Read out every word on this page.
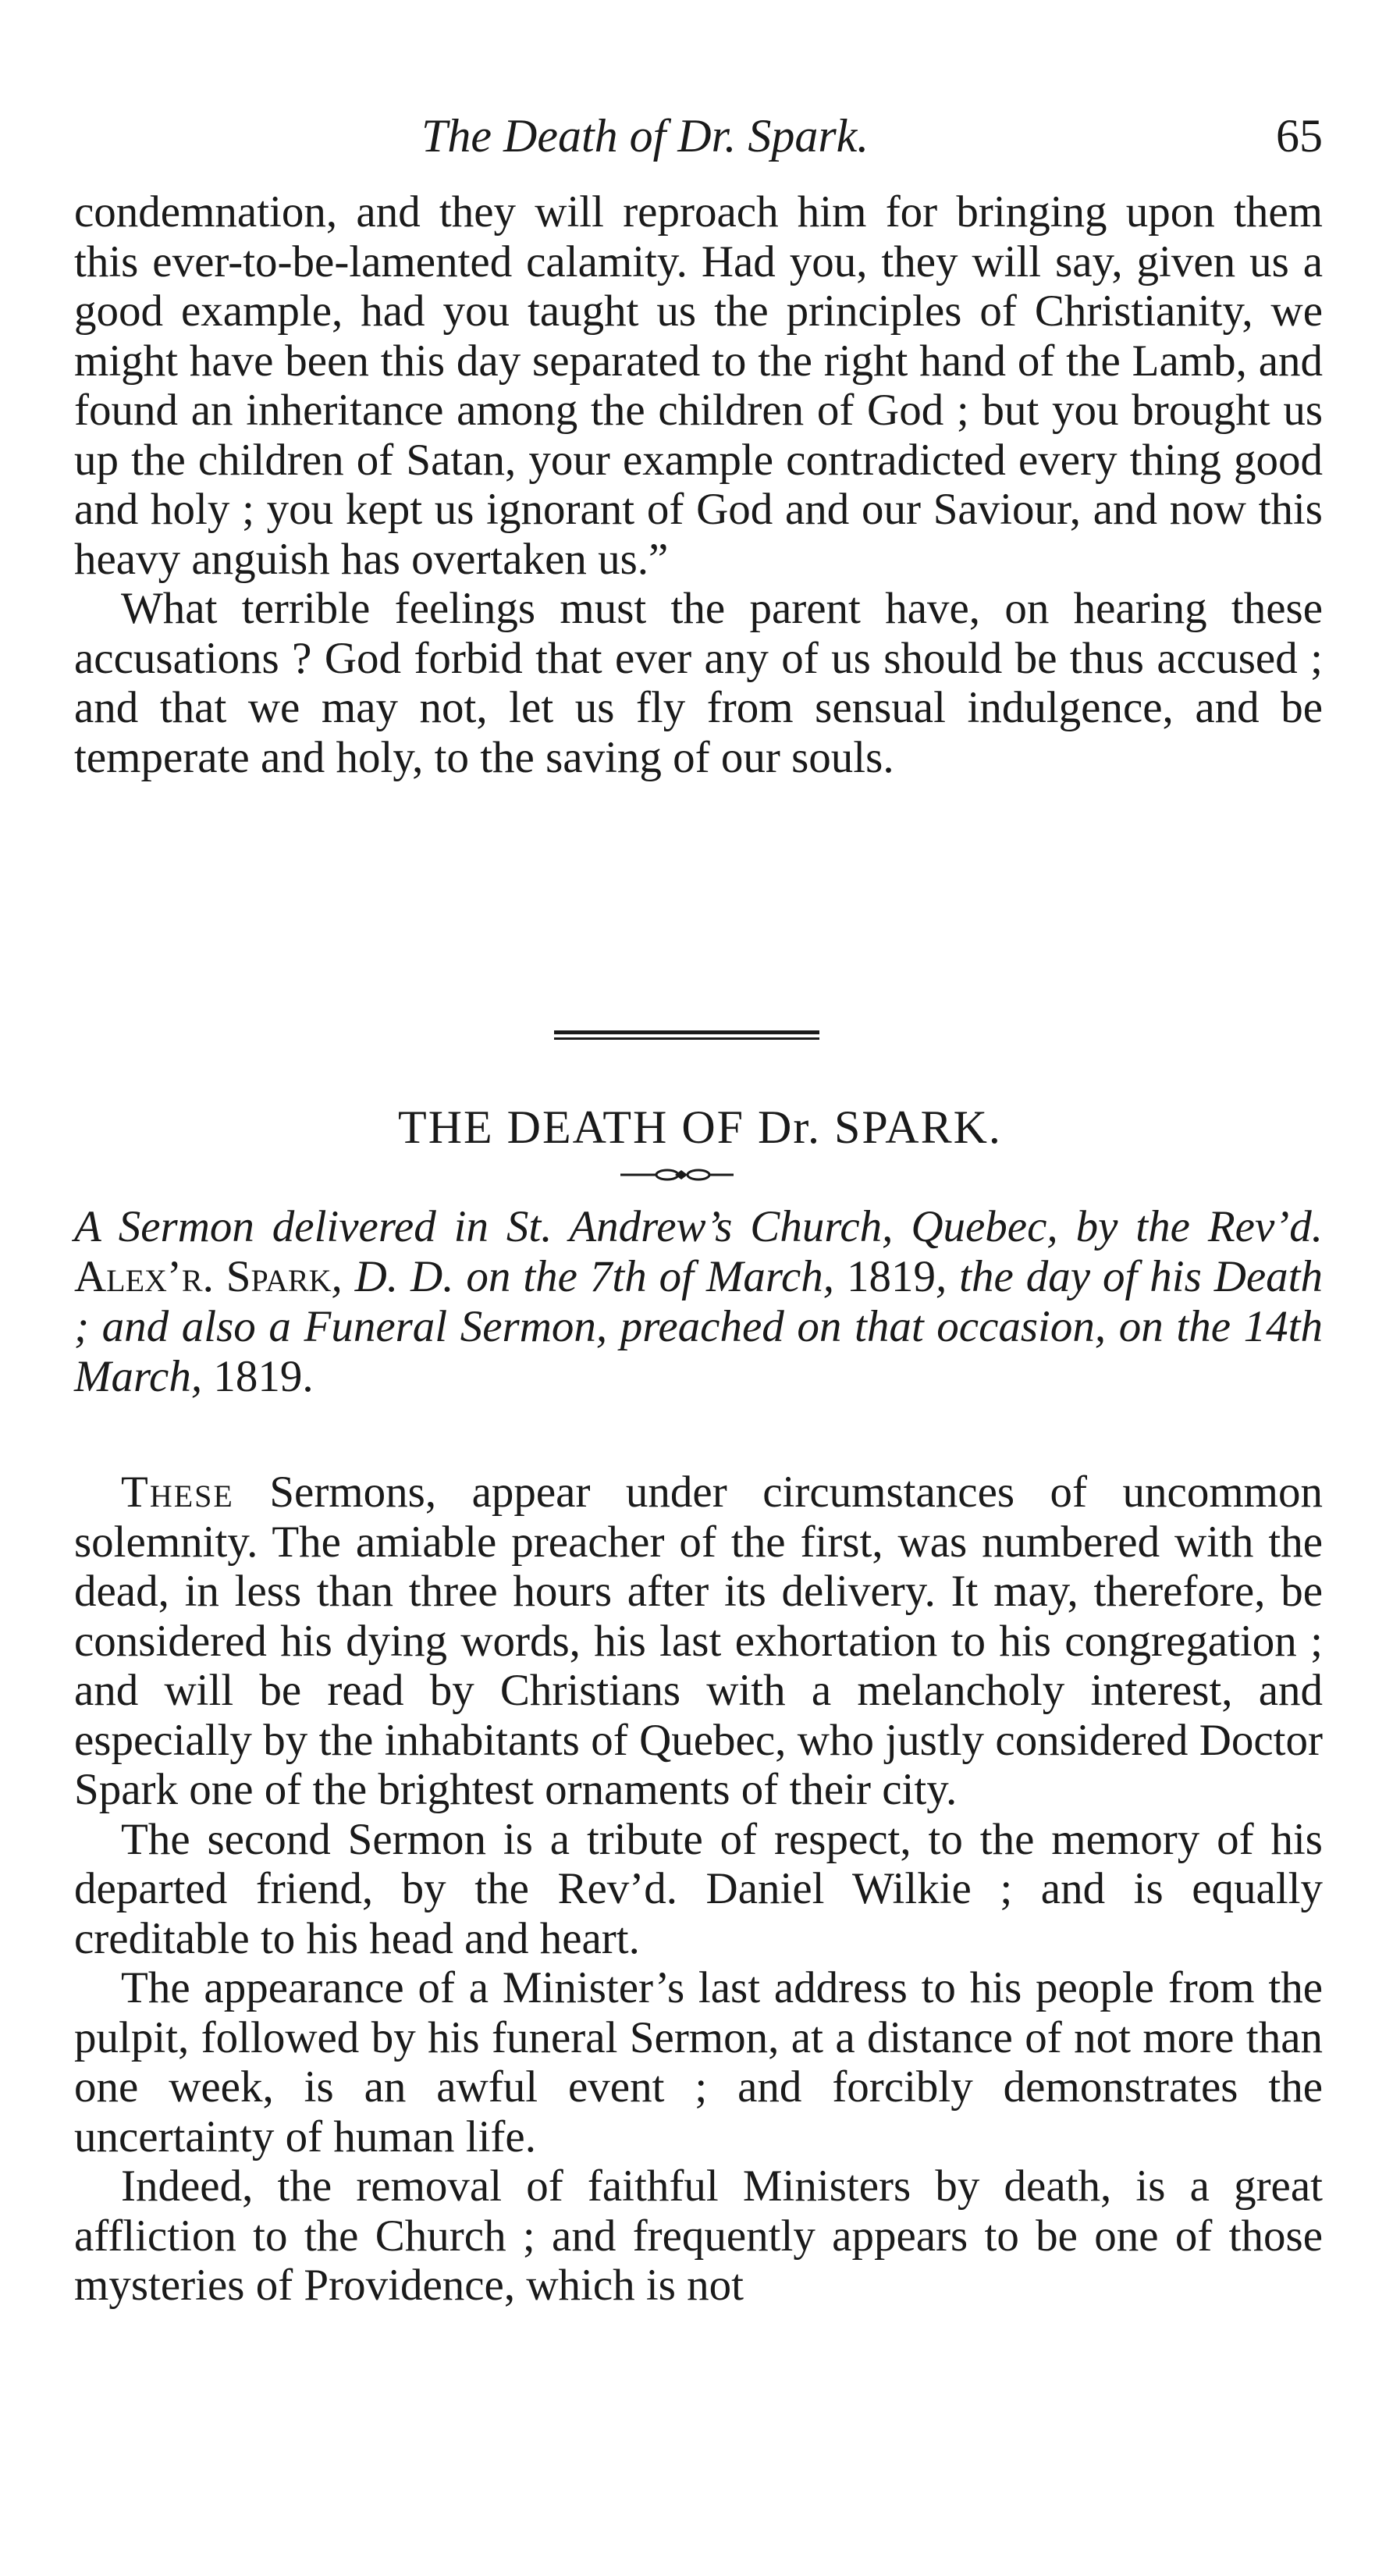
The Death of Dr. Spark.	65

condemnation, and they will reproach him for bringing upon them this ever-to-be-lamented calamity. Had you, they will say, given us a good example, had you taught us the principles of Christianity, we might have been this day separated to the right hand of the Lamb, and found an inheritance among the children of God ; but you brought us up the children of Satan, your example contradicted every thing good and holy ; you kept us ignorant of God and our Saviour, and now this heavy anguish has overtaken us.”

What terrible feelings must the parent have, on hearing these accusations ? God forbid that ever any of us should be thus accused ; and that we may not, let us fly from sensual indulgence, and be temperate and holy, to the saving of our souls.

THE DEATH OF Dr. SPARK.
A Sermon delivered in St. Andrew’s Church, Quebec, by the Rev’d. Alex’r. Spark, D. D. on the 7th of March, 1819, the day of his Death ; and also a Funeral Sermon, preached on that occasion, on the 14th March, 1819.

These Sermons, appear under circumstances of uncommon solemnity. The amiable preacher of the first, was numbered with the dead, in less than three hours after its delivery. It may, therefore, be considered his dying words, his last exhortation to his congregation ; and will be read by Christians with a melancholy interest, and especially by the inhabitants of Quebec, who justly considered Doctor Spark one of the brightest ornaments of their city.

The second Sermon is a tribute of respect, to the memory of his departed friend, by the Rev’d. Daniel Wilkie ; and is equally creditable to his head and heart.

The appearance of a Minister’s last address to his people from the pulpit, followed by his funeral Sermon, at a distance of not more than one week, is an awful event ; and forcibly demonstrates the uncertainty of human life.

Indeed, the removal of faithful Ministers by death, is a great affliction to the Church ; and frequently appears to be one of those mysteries of Providence, which is not
